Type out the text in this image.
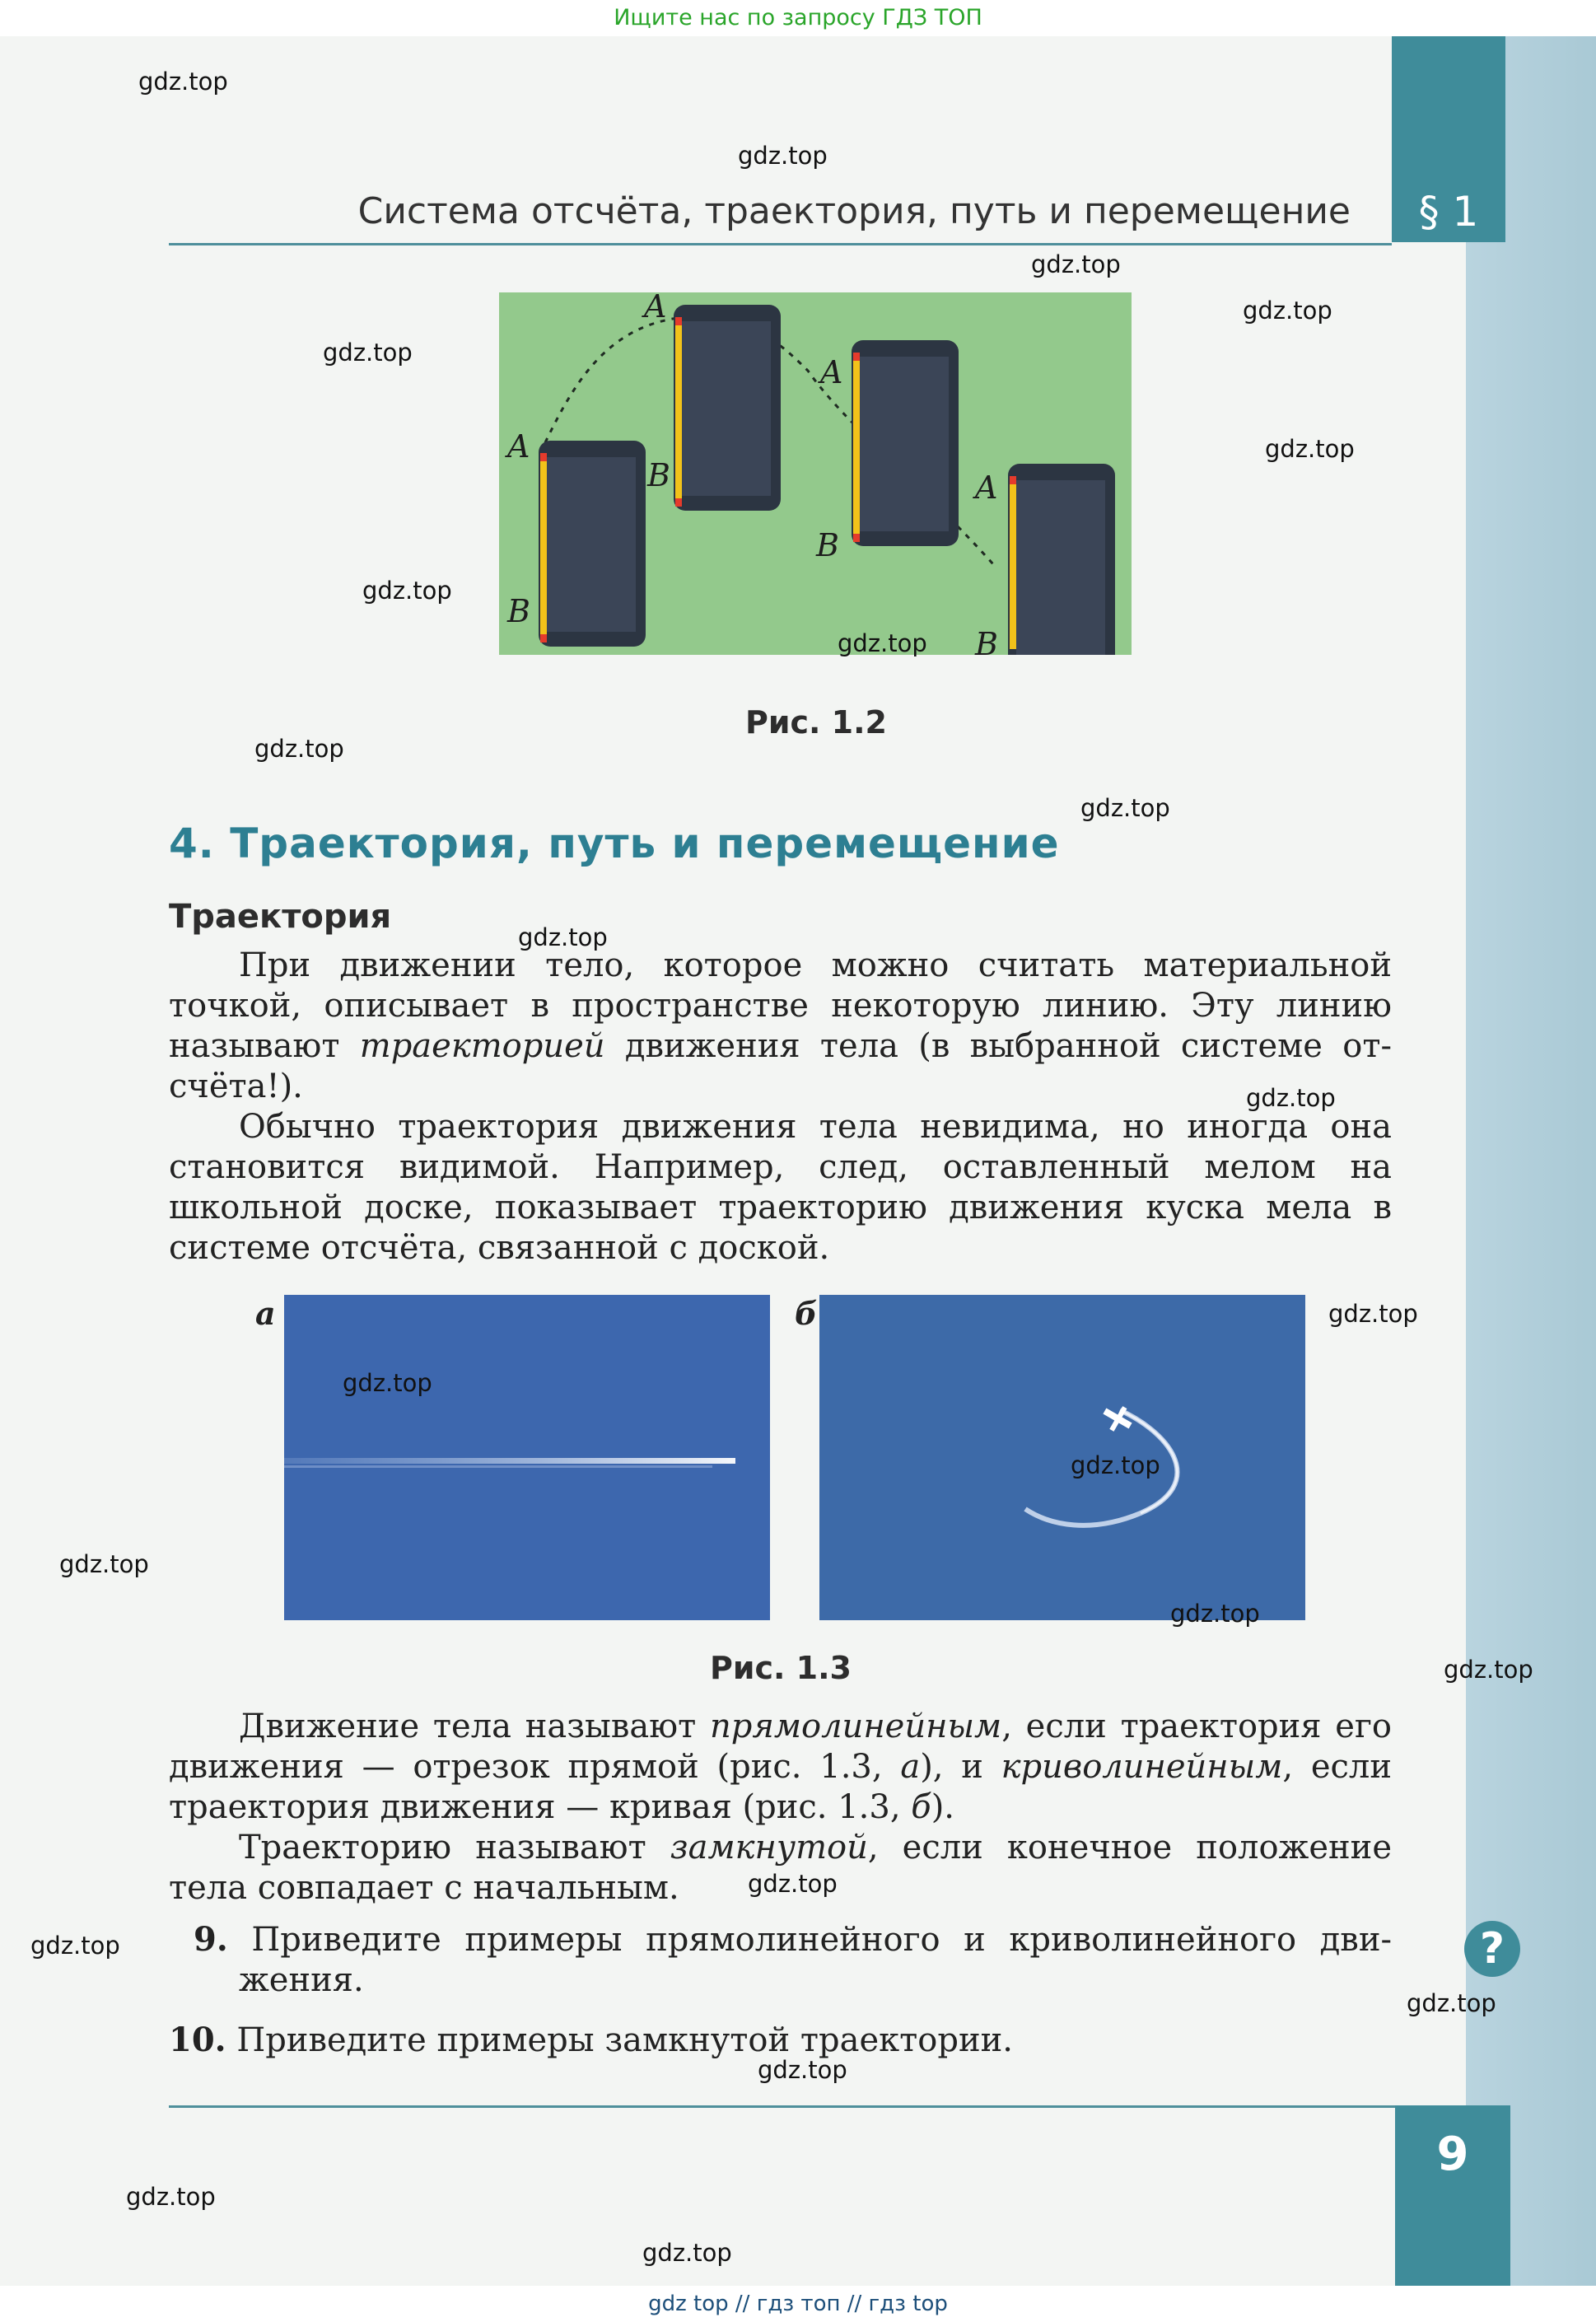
Ищите нас по запросу ГДЗ ТОП
§ 1
Система отсчёта, траектория, путь и перемещение
A
B
A
B
A
B
A
B
Рис. 1.2
4. Траектория, путь и перемещение
Траектория
При движении тело, которое можно считать материальной точкой, описывает в пространстве некоторую линию. Эту линию называют траекторией движения тела (в выбранной системе отсчёта!).
Обычно траектория движения тела невидима, но иногда она становится видимой. Например, след, оставленный мелом на школьной доске, показывает траекторию движения куска мела в системе отсчёта, связанной с доской.
а	б
Рис. 1.3
Движение тела называют прямолинейным, если траектория его движения — отрезок прямой (рис. 1.3, а), и криволинейным, если траектория движения — кривая (рис. 1.3, б).
Траекторию называют замкнутой, если конечное положение тела совпадает с начальным.
9. Приведите примеры прямолинейного и криволинейного движения.
10. Приведите примеры замкнутой траектории.
?
9
gdz.top
gdz.top
gdz.top
gdz.top
gdz.top
gdz.top
gdz.top
gdz.top
gdz.top
gdz.top
gdz.top
gdz.top
gdz.top
gdz.top
gdz.top
gdz.top
gdz.top
gdz.top
gdz.top
gdz.top
gdz.top
gdz.top
gdz.top
gdz.top
gdz top // гдз топ // гдз top
